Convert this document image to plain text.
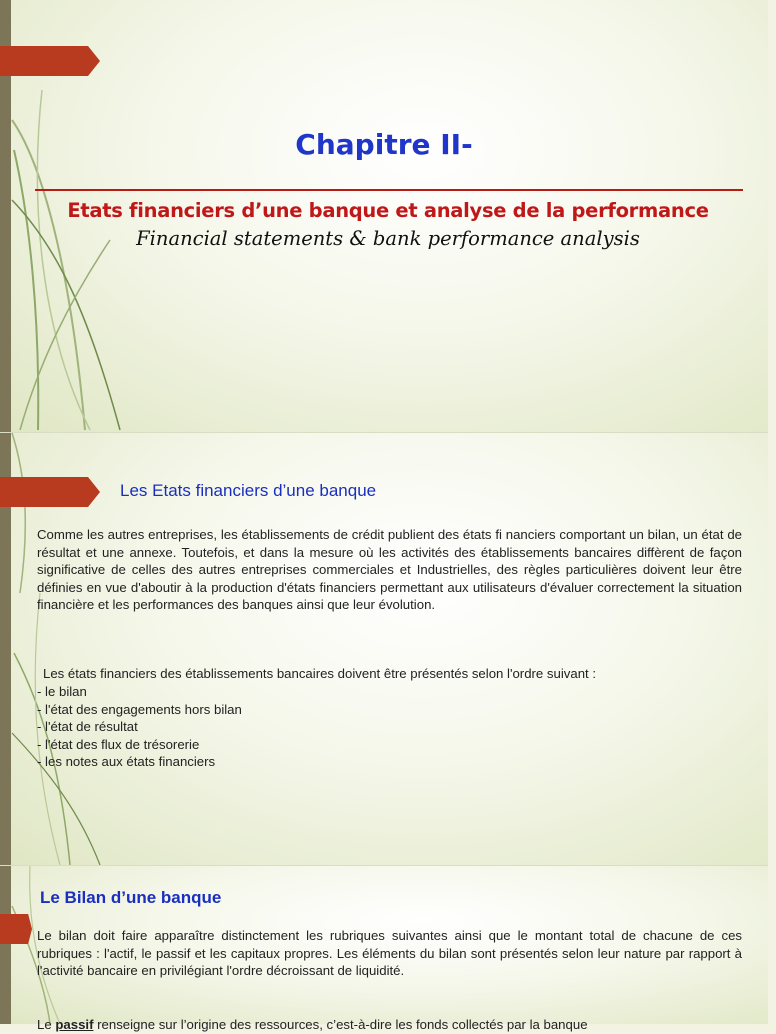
Chapitre II-
Etats financiers d’une banque et analyse de la performance
Financial statements & bank performance analysis
Les Etats financiers d’une banque

Comme les autres entreprises, les établissements de crédit publient des états fi nanciers comportant un bilan, un état de résultat et une annexe. Toutefois, et dans la mesure où les activités des établissements bancaires diffèrent de façon significative de celles des autres entreprises commerciales et Industrielles, des règles particulières doivent leur être définies en vue d'aboutir à la production d'états financiers permettant aux utilisateurs d'évaluer correctement la situation financière et les performances des banques ainsi que leur évolution.

Les états financiers des établissements bancaires doivent être présentés selon l'ordre suivant :
- le bilan
- l'état des engagements hors bilan
- l'état de résultat
- l'état des flux de trésorerie
- les notes aux états financiers
Le Bilan d’une banque

Le bilan doit faire apparaître distinctement les rubriques suivantes ainsi que le montant total de chacune de ces rubriques : l'actif, le passif et les capitaux propres. Les éléments du bilan sont présentés selon leur nature par rapport à l'activité bancaire en privilégiant l'ordre décroissant de liquidité.

Le passif renseigne sur l’origine des ressources, c’est-à-dire les fonds collectés par la banque
